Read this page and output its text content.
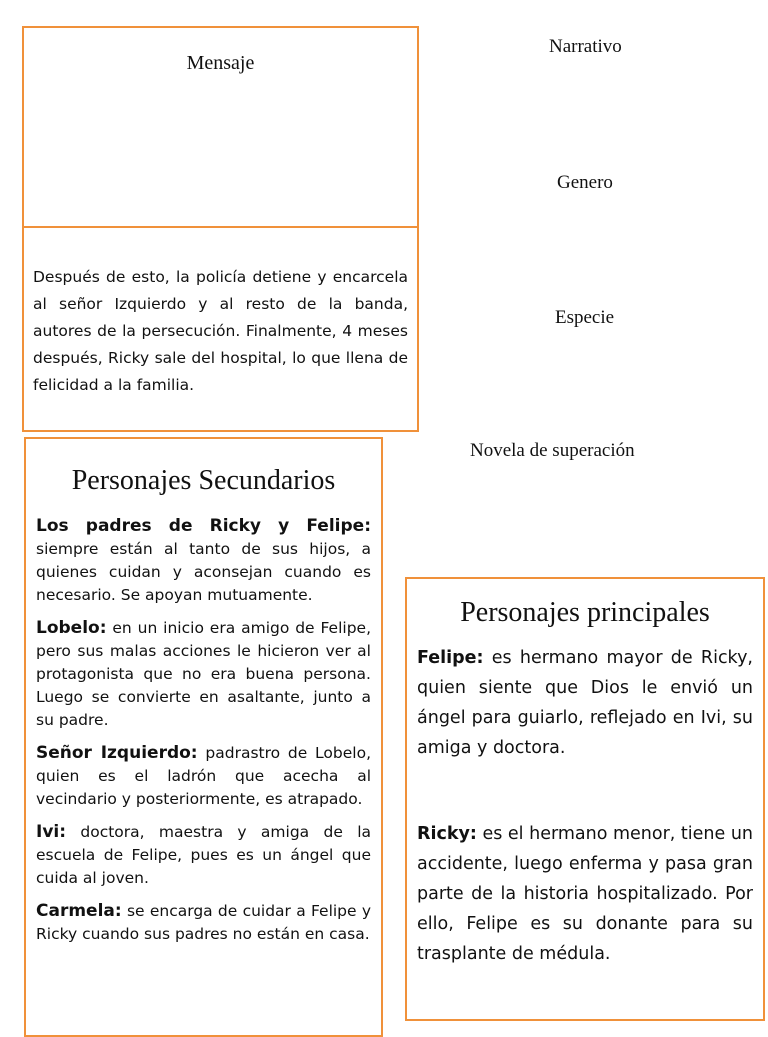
Mensaje
Después de esto, la policía detiene y encarcela al señor Izquierdo y al resto de la banda, autores de la persecución. Finalmente, 4 meses después, Ricky sale del hospital, lo que llena de felicidad a la familia.
Narrativo
Genero
Especie
Novela de superación
Personajes Secundarios
Los padres de Ricky y Felipe: siempre están al tanto de sus hijos, a quienes cuidan y aconsejan cuando es necesario. Se apoyan mutuamente.
Lobelo: en un inicio era amigo de Felipe, pero sus malas acciones le hicieron ver al protagonista que no era buena persona. Luego se convierte en asaltante, junto a su padre.
Señor Izquierdo: padrastro de Lobelo, quien es el ladrón que acecha al vecindario y posteriormente, es atrapado.
Ivi: doctora, maestra y amiga de la escuela de Felipe, pues es un ángel que cuida al joven.
Carmela: se encarga de cuidar a Felipe y Ricky cuando sus padres no están en casa.
Personajes principales
Felipe: es hermano mayor de Ricky, quien siente que Dios le envió un ángel para guiarlo, reflejado en Ivi, su amiga y doctora.
Ricky: es el hermano menor, tiene un accidente, luego enferma y pasa gran parte de la historia hospitalizado. Por ello, Felipe es su donante para su trasplante de médula.
